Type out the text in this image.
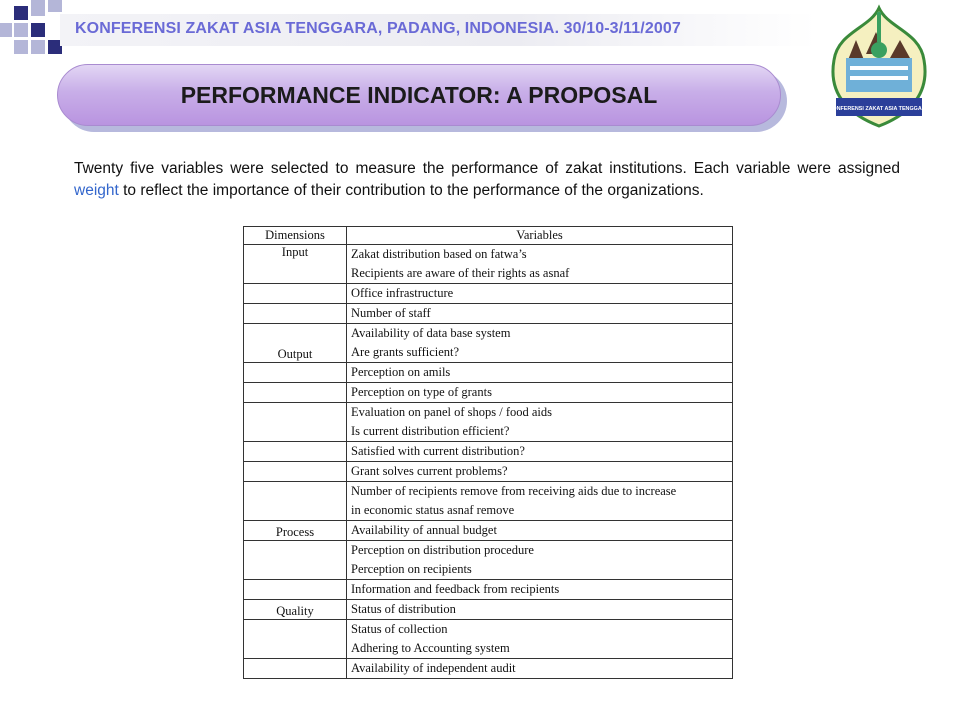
KONFERENSI ZAKAT ASIA TENGGARA, PADANG, INDONESIA. 30/10-3/11/2007
KONFERENSI ZAKAT ASIA TENGGARA
PERFORMANCE INDICATOR: A PROPOSAL
Twenty five variables were selected to measure the performance of zakat institutions. Each variable were assigned weight to reflect the importance of their contribution to the performance of the organizations.
Dimensions	Variables
Input	Zakat distribution based on fatwa’s
Recipients are aware of their rights as asnaf

	Office infrastructure

	Number of staff

Output	Availability of data base system
Are grants sufficient?

	Perception on amils

	Perception on type of grants

	Evaluation on panel of shops / food aids
Is current distribution efficient?

	Satisfied with current distribution?

	Grant solves current problems?

	Number of recipients remove from receiving aids due to increase
in economic status asnaf remove

Process	Availability of annual budget

	Perception on distribution procedure
Perception on recipients

	Information and feedback from recipients

Quality	Status of distribution

	Status of collection
Adhering to Accounting system

	Availability of independent audit
